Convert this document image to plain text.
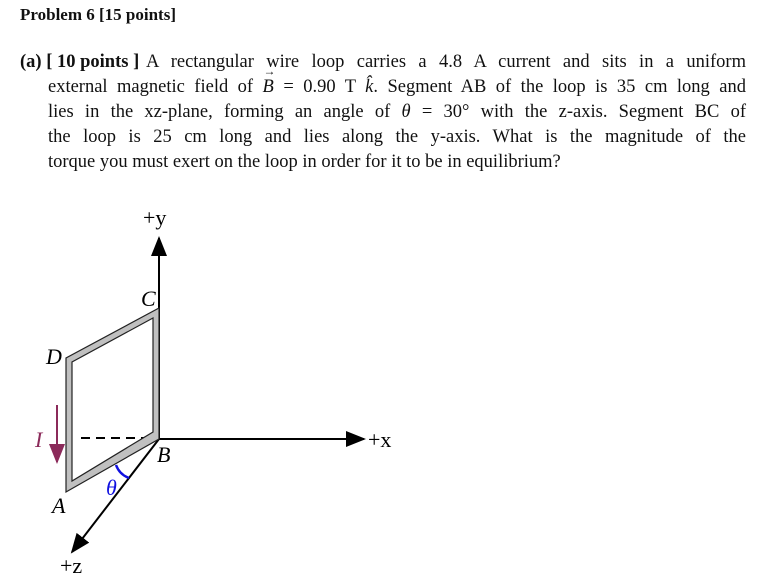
Problem 6 [15 points]
(a) [ 10 points ] A rectangular wire loop carries a 4.8 A current and sits in a uniform
external magnetic field of → B = 0.90 T k̂. Segment AB of the loop is 35 cm long and
lies in the xz-plane, forming an angle of θ = 30° with the z-axis. Segment BC of
the loop is 25 cm long and lies along the y-axis. What is the magnitude of the
torque you must exert on the loop in order for it to be in equilibrium?
+y
+x
+z
C
D
A
B
θ
I
